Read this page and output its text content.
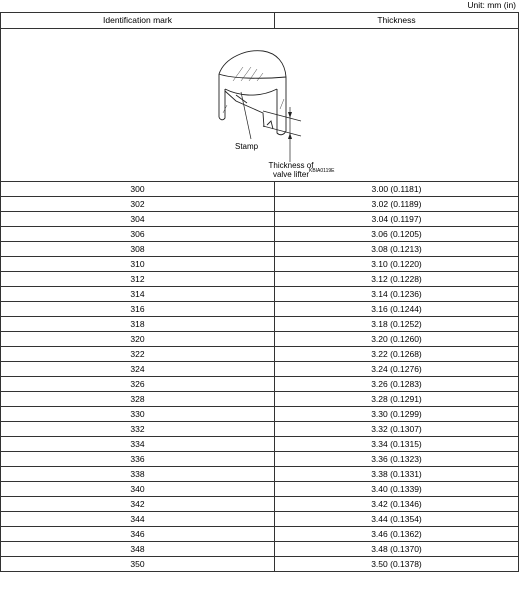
Unit: mm (in)
Identification mark	Thickness

Stamp
Thickness of
valve lifter KBIA0119E	

300	3.00 (0.1181)
302	3.02 (0.1189)
304	3.04 (0.1197)
306	3.06 (0.1205)
308	3.08 (0.1213)
310	3.10 (0.1220)
312	3.12 (0.1228)
314	3.14 (0.1236)
316	3.16 (0.1244)
318	3.18 (0.1252)
320	3.20 (0.1260)
322	3.22 (0.1268)
324	3.24 (0.1276)
326	3.26 (0.1283)
328	3.28 (0.1291)
330	3.30 (0.1299)
332	3.32 (0.1307)
334	3.34 (0.1315)
336	3.36 (0.1323)
338	3.38 (0.1331)
340	3.40 (0.1339)
342	3.42 (0.1346)
344	3.44 (0.1354)
346	3.46 (0.1362)
348	3.48 (0.1370)
350	3.50 (0.1378)
